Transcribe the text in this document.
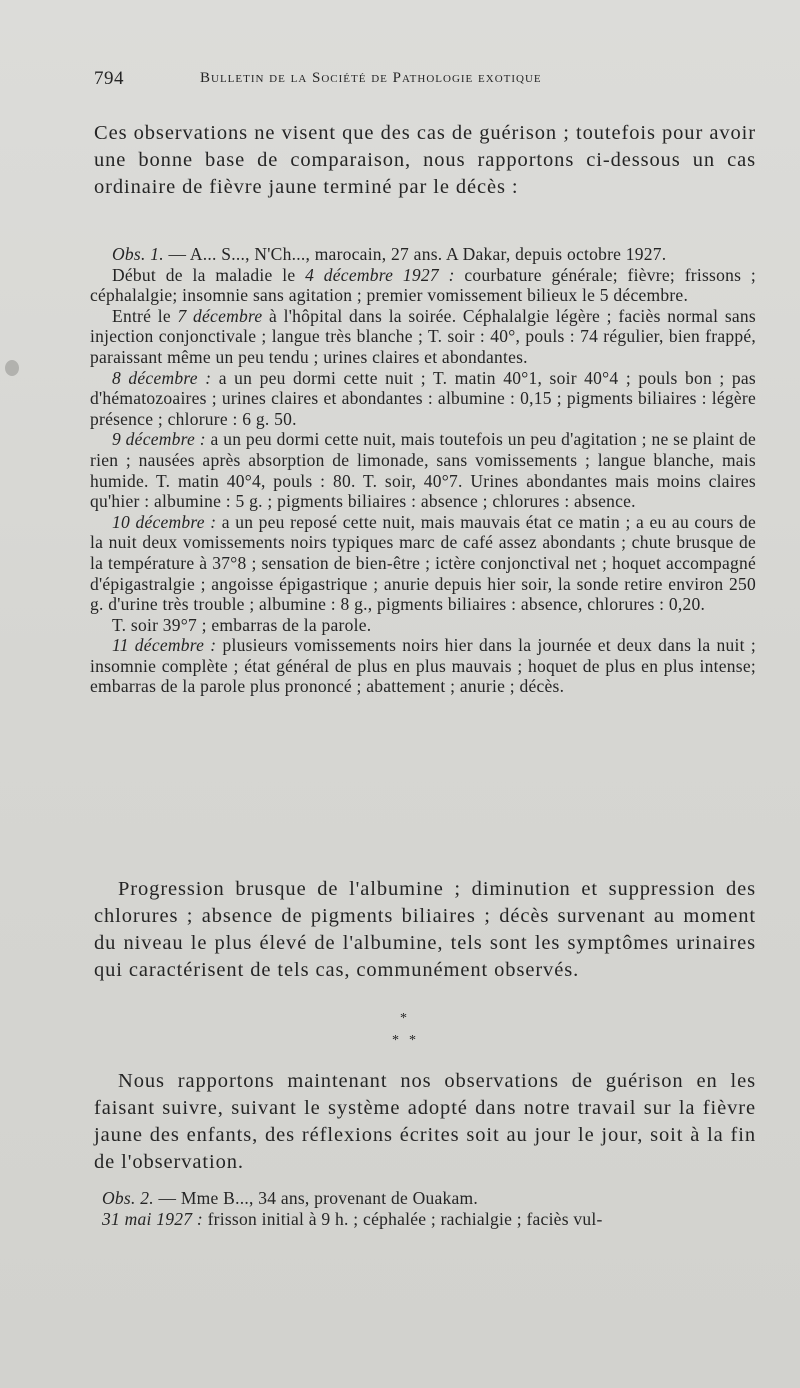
794	Bulletin de la Société de Pathologie exotique

Ces observations ne visent que des cas de guérison ; toutefois pour avoir une bonne base de comparaison, nous rapportons ci-dessous un cas ordinaire de fièvre jaune terminé par le décès :

Obs. 1. — A... S..., N'Ch..., marocain, 27 ans. A Dakar, depuis octobre 1927.

Début de la maladie le 4 décembre 1927 : courbature générale; fièvre; frissons ; céphalalgie; insomnie sans agitation ; premier vomissement bilieux le 5 décembre.

Entré le 7 décembre à l'hôpital dans la soirée. Céphalalgie légère ; faciès normal sans injection conjonctivale ; langue très blanche ; T. soir : 40°, pouls : 74 régulier, bien frappé, paraissant même un peu tendu ; urines claires et abondantes.

8 décembre : a un peu dormi cette nuit ; T. matin 40°1, soir 40°4 ; pouls bon ; pas d'hématozoaires ; urines claires et abondantes : albumine : 0,15 ; pigments biliaires : légère présence ; chlorure : 6 g. 50.

9 décembre : a un peu dormi cette nuit, mais toutefois un peu d'agitation ; ne se plaint de rien ; nausées après absorption de limonade, sans vomissements ; langue blanche, mais humide. T. matin 40°4, pouls : 80. T. soir, 40°7. Urines abondantes mais moins claires qu'hier : albumine : 5 g. ; pigments biliaires : absence ; chlorures : absence.

10 décembre : a un peu reposé cette nuit, mais mauvais état ce matin ; a eu au cours de la nuit deux vomissements noirs typiques marc de café assez abondants ; chute brusque de la température à 37°8 ; sensation de bien-être ; ictère conjonctival net ; hoquet accompagné d'épigastralgie ; angoisse épigastrique ; anurie depuis hier soir, la sonde retire environ 250 g. d'urine très trouble ; albumine : 8 g., pigments biliaires : absence, chlorures : 0,20.

T. soir 39°7 ; embarras de la parole.

11 décembre : plusieurs vomissements noirs hier dans la journée et deux dans la nuit ; insomnie complète ; état général de plus en plus mauvais ; hoquet de plus en plus intense; embarras de la parole plus prononcé ; abattement ; anurie ; décès.

Progression brusque de l'albumine ; diminution et suppression des chlorures ; absence de pigments biliaires ; décès survenant au moment du niveau le plus élevé de l'albumine, tels sont les symptômes urinaires qui caractérisent de tels cas, communément observés.

*
* *

Nous rapportons maintenant nos observations de guérison en les faisant suivre, suivant le système adopté dans notre travail sur la fièvre jaune des enfants, des réflexions écrites soit au jour le jour, soit à la fin de l'observation.

Obs. 2. — Mme B..., 34 ans, provenant de Ouakam.

31 mai 1927 : frisson initial à 9 h. ; céphalée ; rachialgie ; faciès vul-
